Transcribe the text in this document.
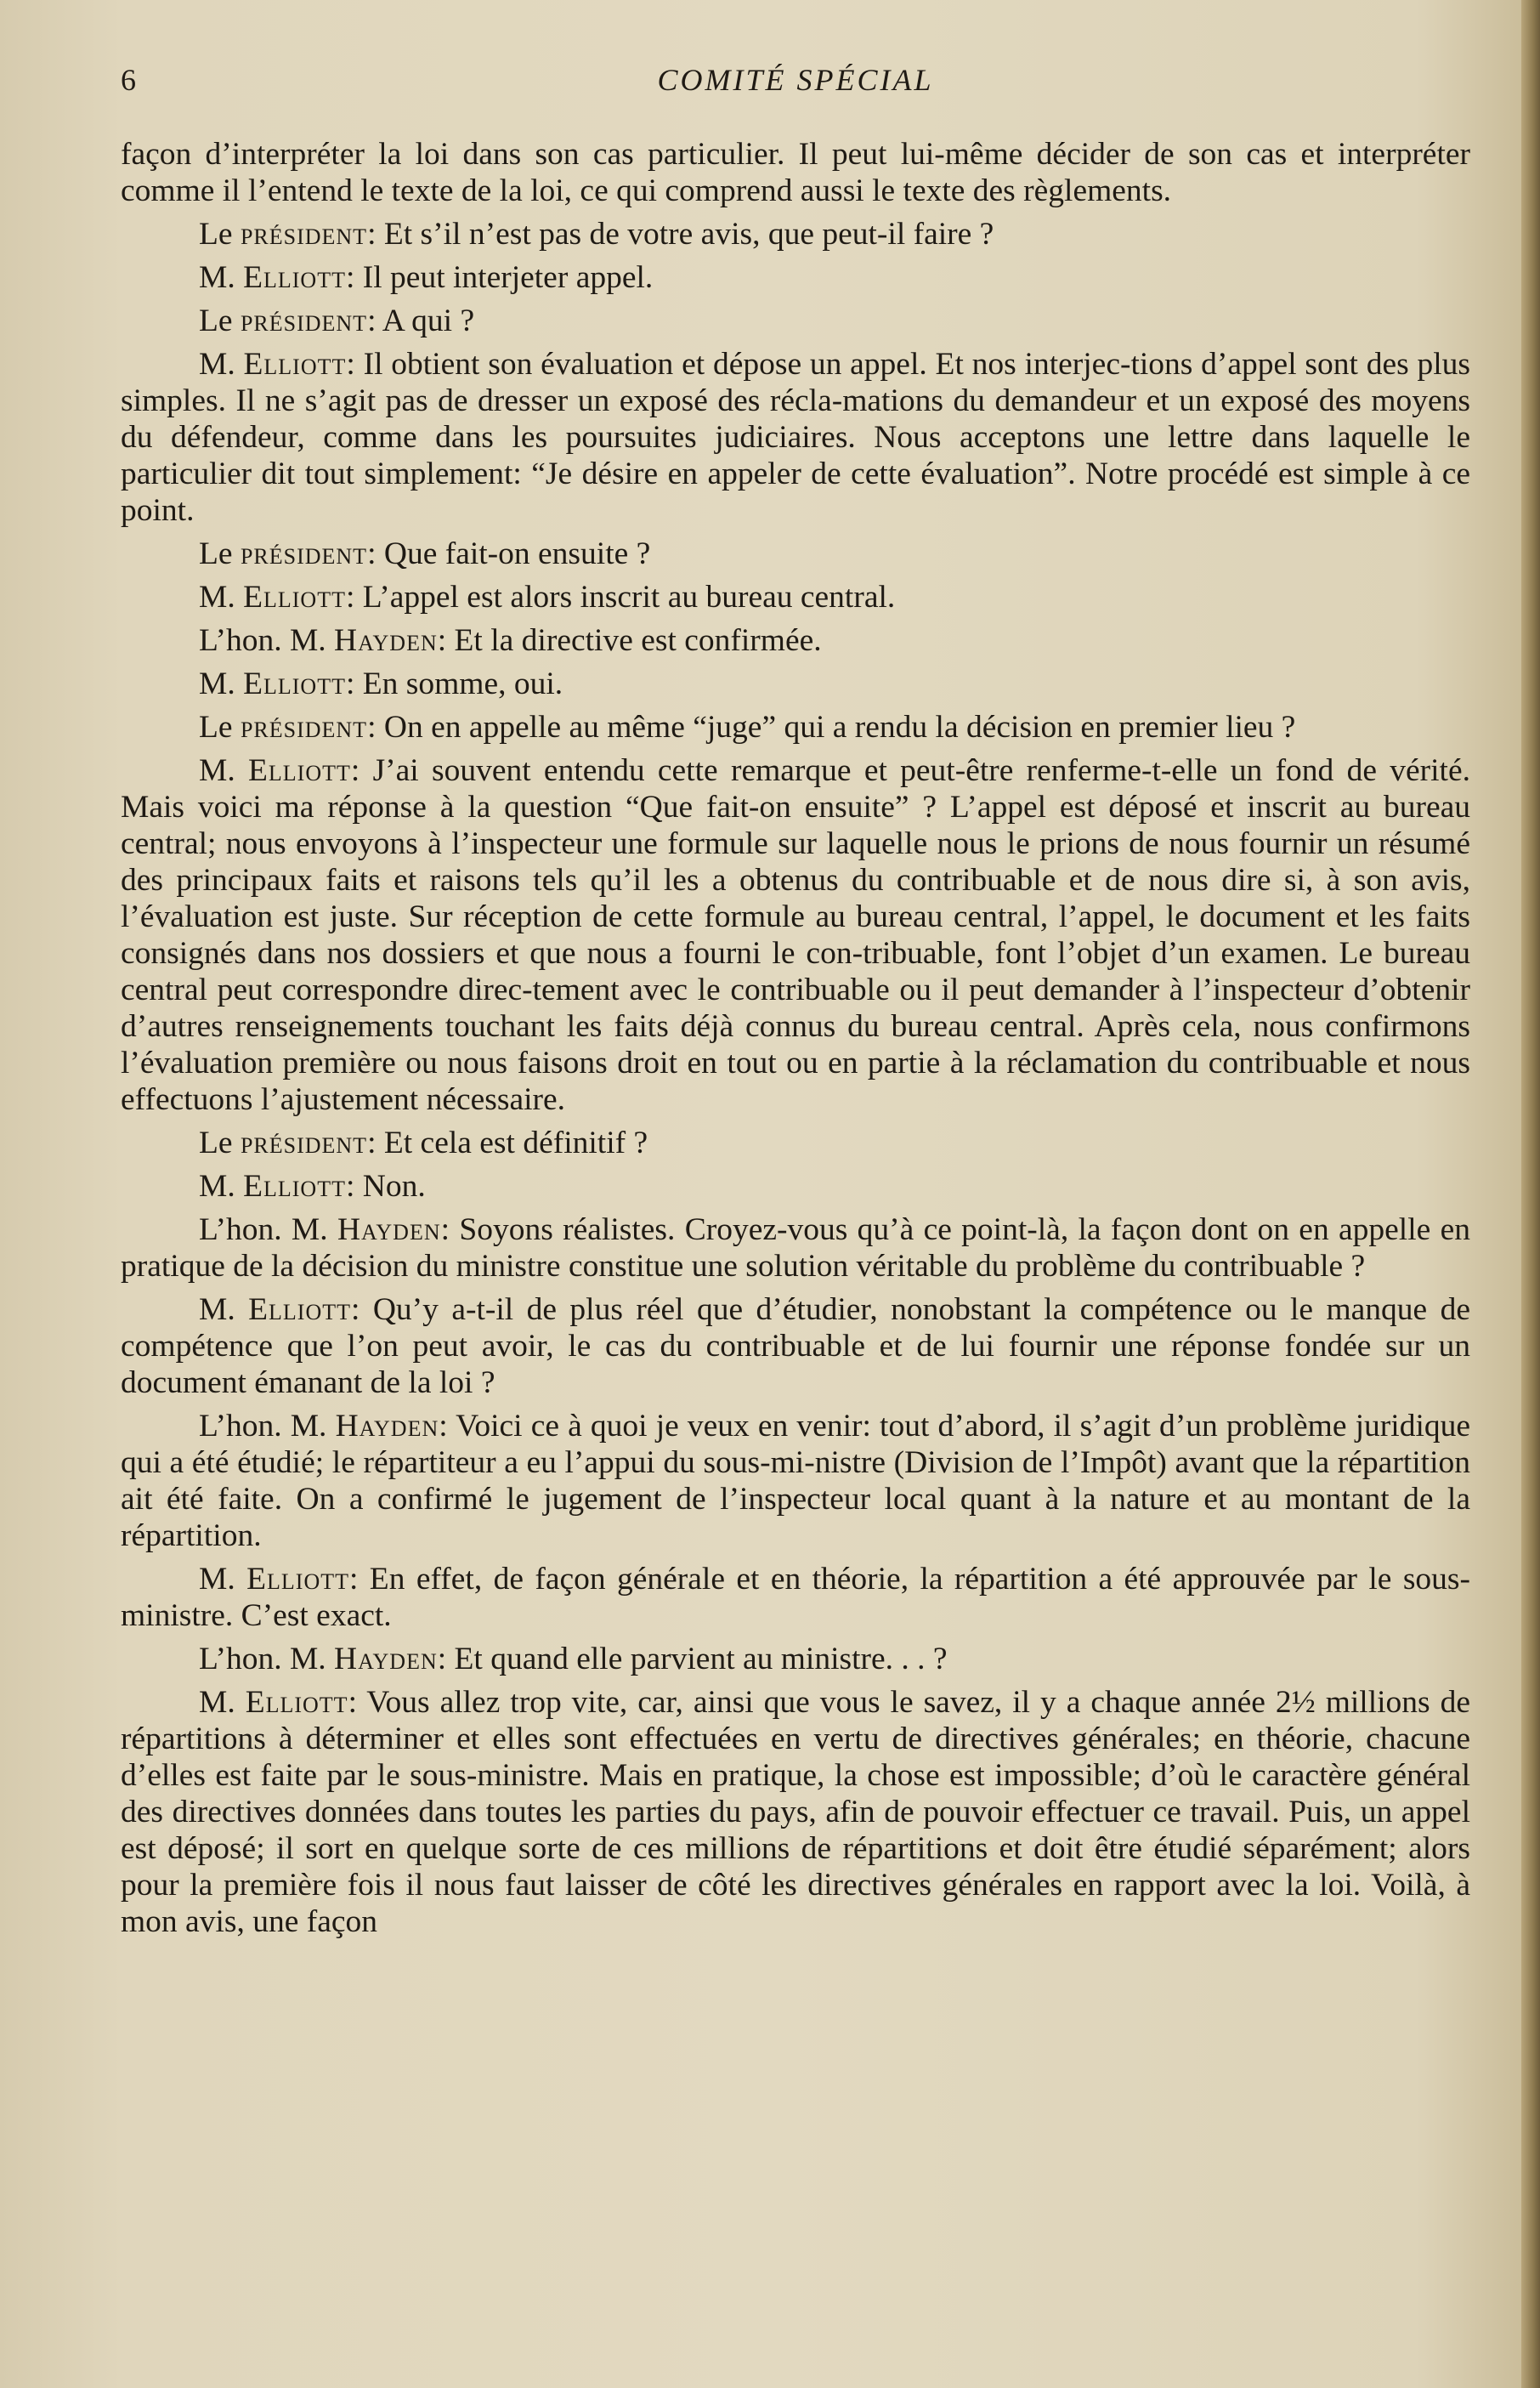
6	COMITÉ SPÉCIAL

façon d’interpréter la loi dans son cas particulier. Il peut lui-même décider de son cas et interpréter comme il l’entend le texte de la loi, ce qui comprend aussi le texte des règlements.

Le président: Et s’il n’est pas de votre avis, que peut-il faire ?

M. Elliott: Il peut interjeter appel.

Le président: A qui ?

M. Elliott: Il obtient son évaluation et dépose un appel. Et nos interjec-tions d’appel sont des plus simples. Il ne s’agit pas de dresser un exposé des récla-mations du demandeur et un exposé des moyens du défendeur, comme dans les poursuites judiciaires. Nous acceptons une lettre dans laquelle le particulier dit tout simplement: “Je désire en appeler de cette évaluation”. Notre procédé est simple à ce point.

Le président: Que fait-on ensuite ?

M. Elliott: L’appel est alors inscrit au bureau central.

L’hon. M. Hayden: Et la directive est confirmée.

M. Elliott: En somme, oui.

Le président: On en appelle au même “juge” qui a rendu la décision en premier lieu ?

M. Elliott: J’ai souvent entendu cette remarque et peut-être renferme-t-elle un fond de vérité. Mais voici ma réponse à la question “Que fait-on ensuite” ? L’appel est déposé et inscrit au bureau central; nous envoyons à l’inspecteur une formule sur laquelle nous le prions de nous fournir un résumé des principaux faits et raisons tels qu’il les a obtenus du contribuable et de nous dire si, à son avis, l’évaluation est juste. Sur réception de cette formule au bureau central, l’appel, le document et les faits consignés dans nos dossiers et que nous a fourni le con-tribuable, font l’objet d’un examen. Le bureau central peut correspondre direc-tement avec le contribuable ou il peut demander à l’inspecteur d’obtenir d’autres renseignements touchant les faits déjà connus du bureau central. Après cela, nous confirmons l’évaluation première ou nous faisons droit en tout ou en partie à la réclamation du contribuable et nous effectuons l’ajustement nécessaire.

Le président: Et cela est définitif ?

M. Elliott: Non.

L’hon. M. Hayden: Soyons réalistes. Croyez-vous qu’à ce point-là, la façon dont on en appelle en pratique de la décision du ministre constitue une solution véritable du problème du contribuable ?

M. Elliott: Qu’y a-t-il de plus réel que d’étudier, nonobstant la compétence ou le manque de compétence que l’on peut avoir, le cas du contribuable et de lui fournir une réponse fondée sur un document émanant de la loi ?

L’hon. M. Hayden: Voici ce à quoi je veux en venir: tout d’abord, il s’agit d’un problème juridique qui a été étudié; le répartiteur a eu l’appui du sous-mi-nistre (Division de l’Impôt) avant que la répartition ait été faite. On a confirmé le jugement de l’inspecteur local quant à la nature et au montant de la répartition.

M. Elliott: En effet, de façon générale et en théorie, la répartition a été approuvée par le sous-ministre. C’est exact.

L’hon. M. Hayden: Et quand elle parvient au ministre. . . ?

M. Elliott: Vous allez trop vite, car, ainsi que vous le savez, il y a chaque année 2½ millions de répartitions à déterminer et elles sont effectuées en vertu de directives générales; en théorie, chacune d’elles est faite par le sous-ministre. Mais en pratique, la chose est impossible; d’où le caractère général des directives données dans toutes les parties du pays, afin de pouvoir effectuer ce travail. Puis, un appel est déposé; il sort en quelque sorte de ces millions de répartitions et doit être étudié séparément; alors pour la première fois il nous faut laisser de côté les directives générales en rapport avec la loi. Voilà, à mon avis, une façon
